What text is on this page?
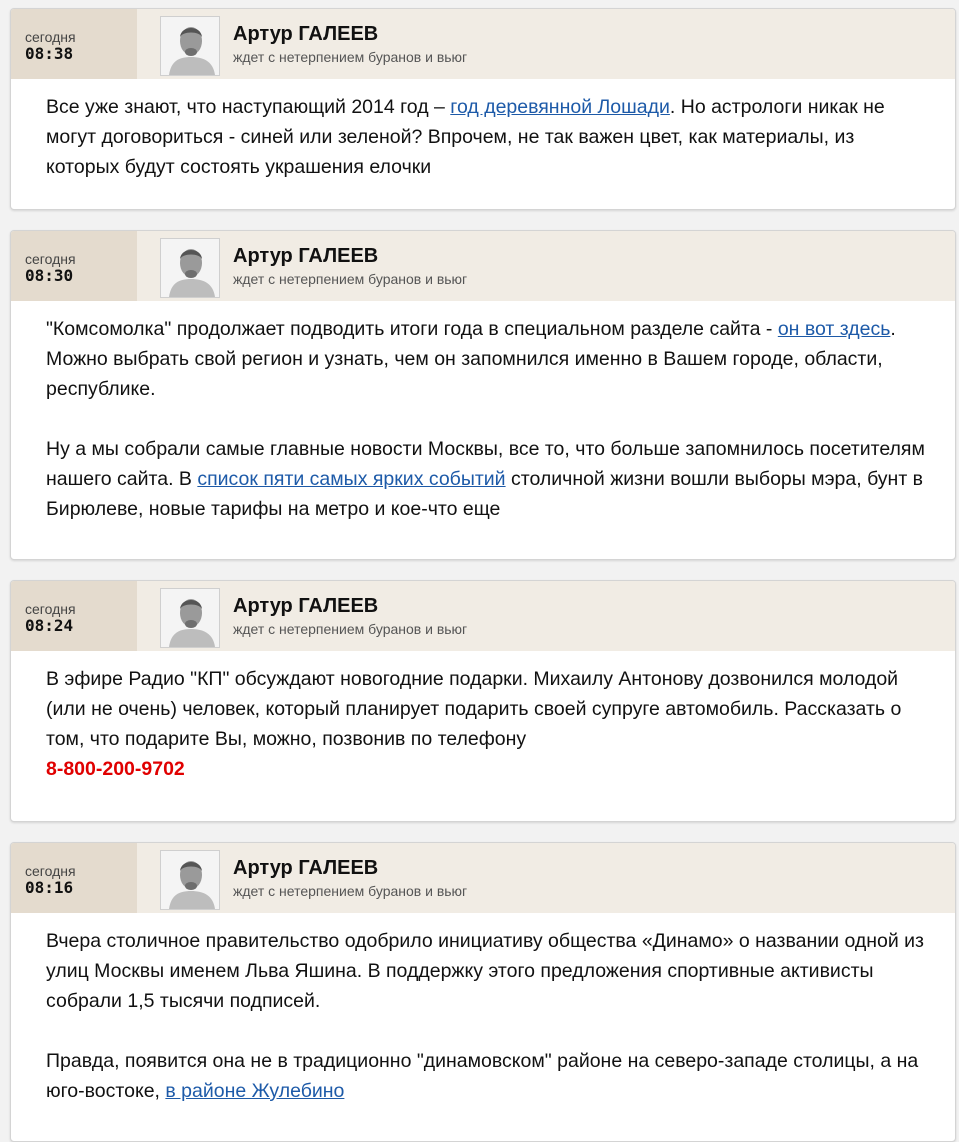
сегодня
08:38
Артур ГАЛЕЕВ
ждет с нетерпением буранов и вьюг

Все уже знают, что наступающий 2014 год – год деревянной Лошади. Но астрологи никак не могут договориться - синей или зеленой? Впрочем, не так важен цвет, как материалы, из которых будут состоять украшения елочки

сегодня
08:30
Артур ГАЛЕЕВ
ждет с нетерпением буранов и вьюг

"Комсомолка" продолжает подводить итоги года в специальном разделе сайта - он вот здесь. Можно выбрать свой регион и узнать, чем он запомнился именно в Вашем городе, области, республике.

Ну а мы собрали самые главные новости Москвы, все то, что больше запомнилось посетителям нашего сайта. В список пяти самых ярких событий столичной жизни вошли выборы мэра, бунт в Бирюлеве, новые тарифы на метро и кое-что еще

сегодня
08:24
Артур ГАЛЕЕВ
ждет с нетерпением буранов и вьюг

В эфире Радио "КП" обсуждают новогодние подарки. Михаилу Антонову дозвонился молодой (или не очень) человек, который планирует подарить своей супруге автомобиль. Рассказать о том, что подарите Вы, можно, позвонив по телефону
8-800-200-9702

сегодня
08:16
Артур ГАЛЕЕВ
ждет с нетерпением буранов и вьюг

Вчера столичное правительство одобрило инициативу общества «Динамо» о названии одной из улиц Москвы именем Льва Яшина. В поддержку этого предложения спортивные активисты собрали 1,5 тысячи подписей.

Правда, появится она не в традиционно "динамовском" районе на северо-западе столицы, а на юго-востоке, в районе Жулебино
